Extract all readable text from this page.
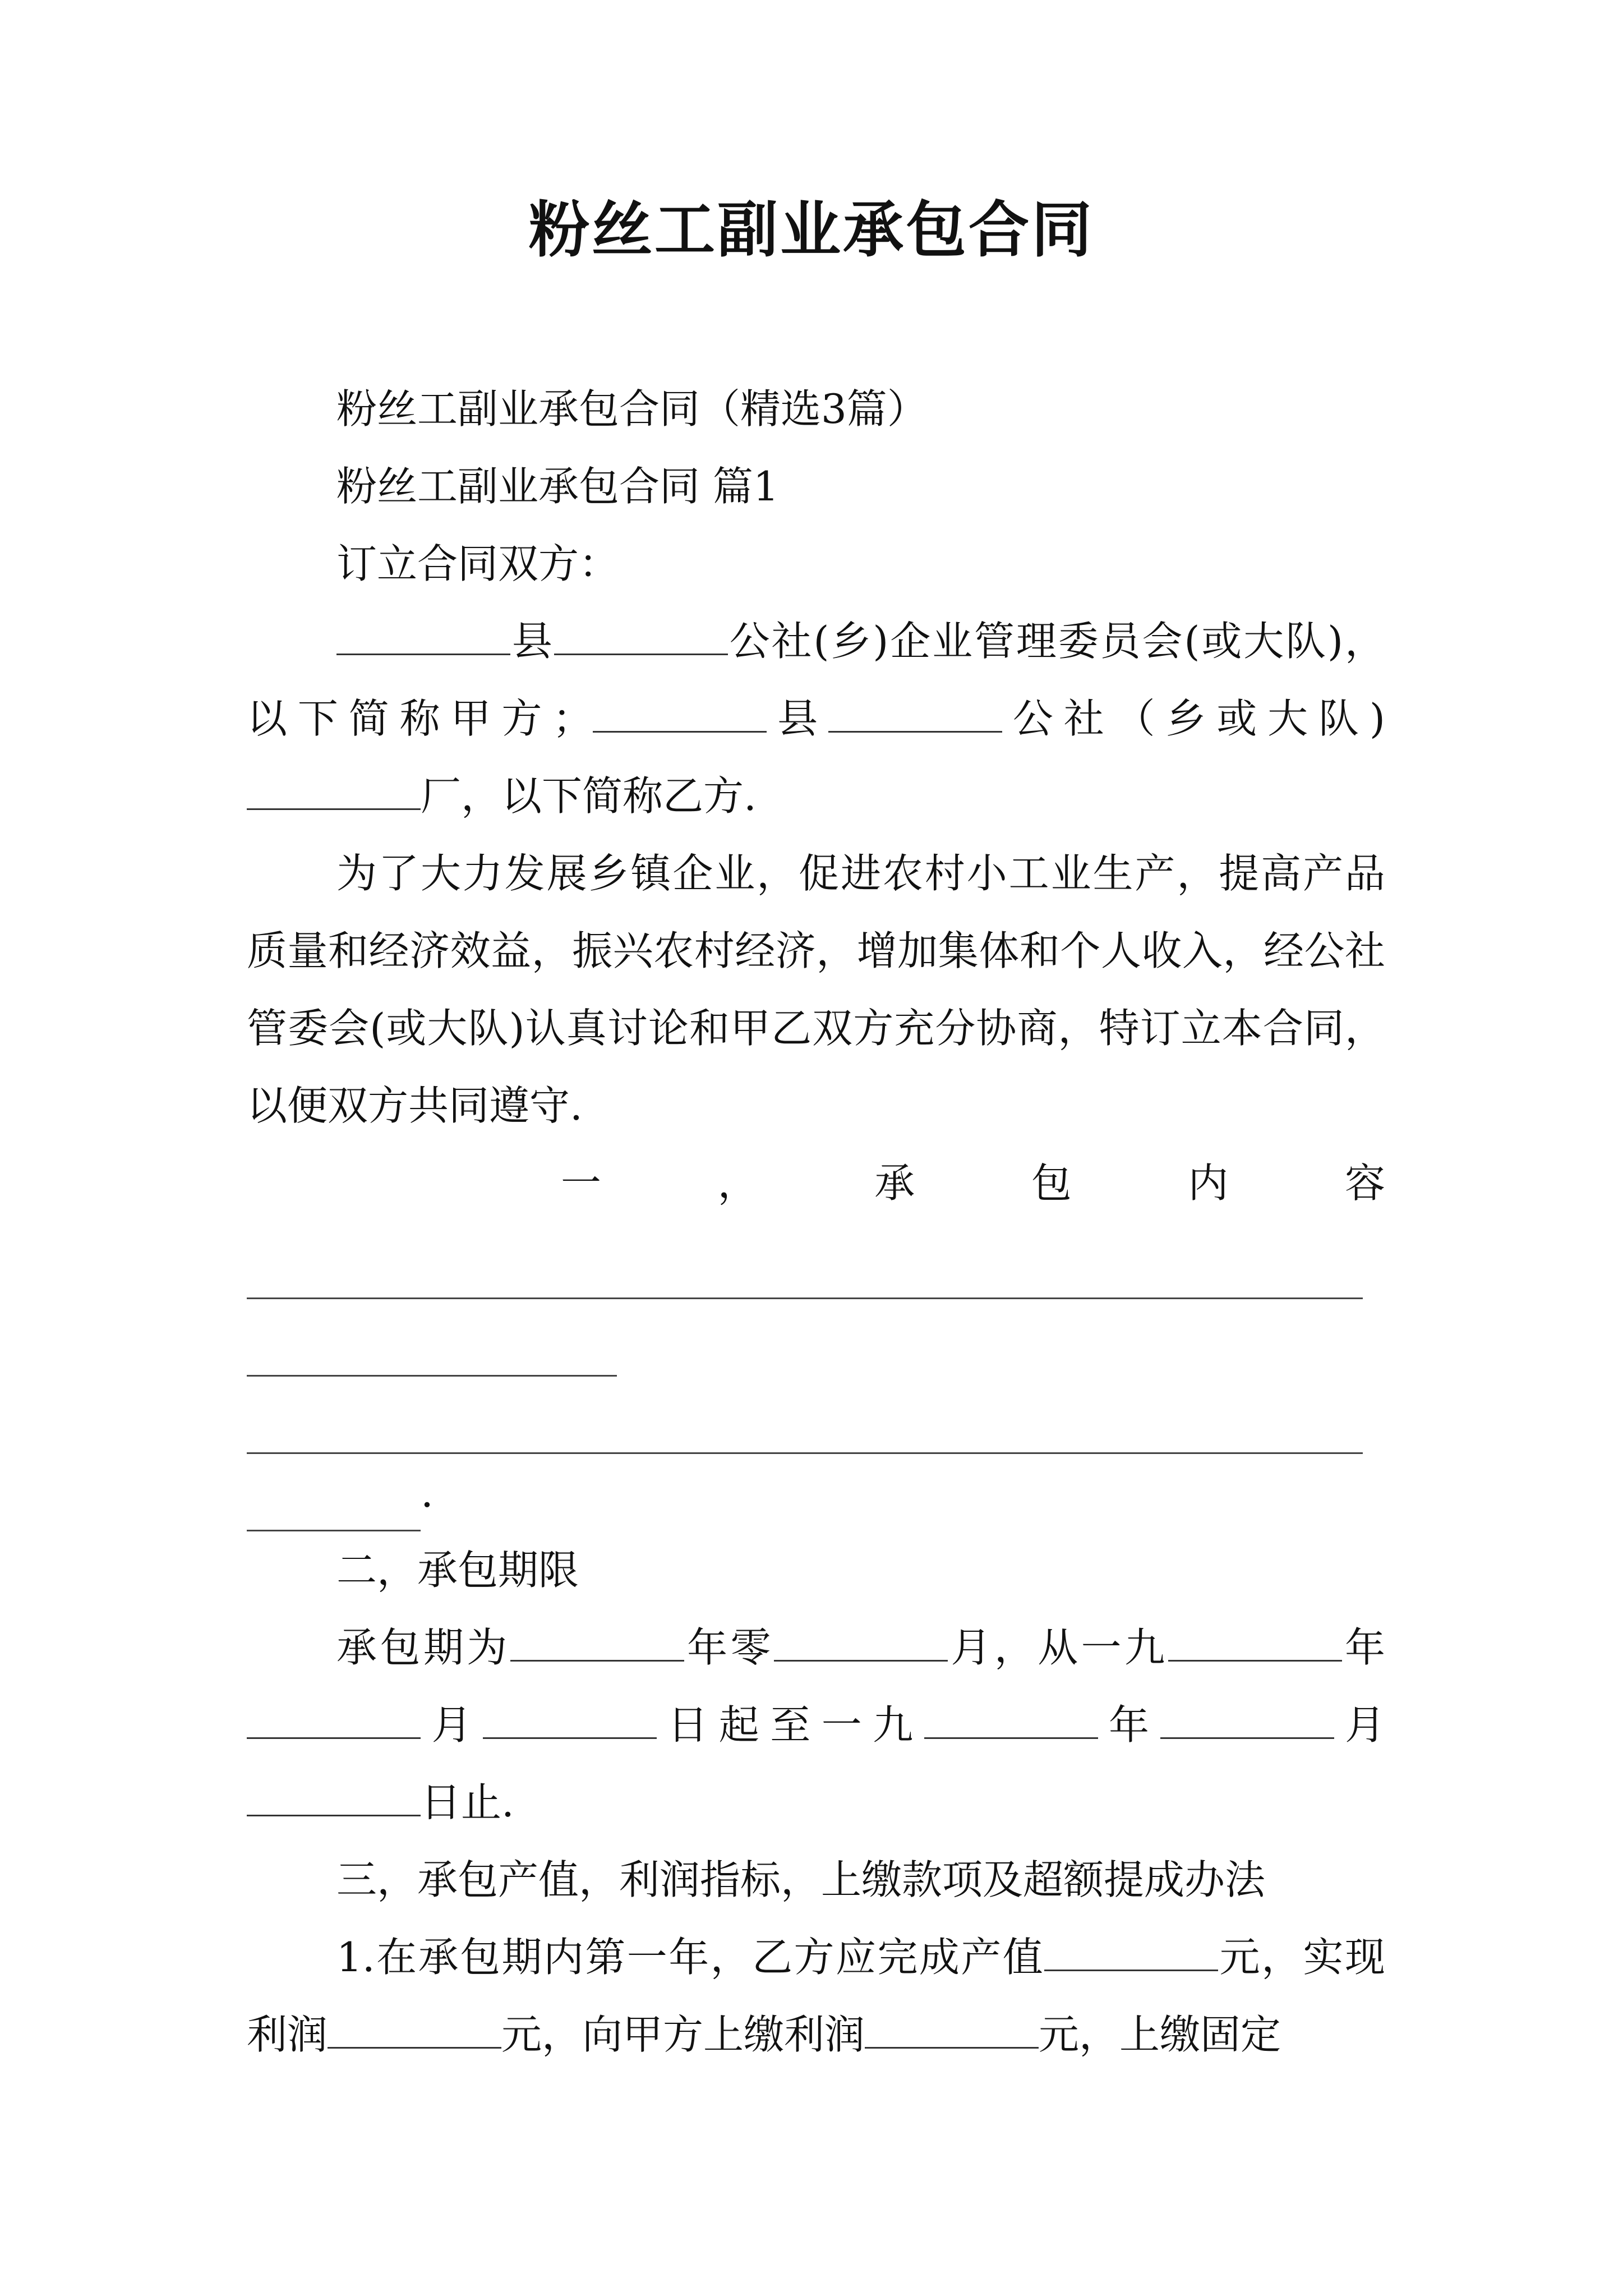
粉丝工副业承包合同

粉丝工副业承包合同（精选3篇）

粉丝工副业承包合同 篇1

订立合同双方：

县	公社(乡)企业管理委员会(或大队)，以下简称甲方；	县	公社（乡或大队)厂，以下简称乙方.

为了大力发展乡镇企业，促进农村小工业生产，提高产品质量和经济效益，振兴农村经济，增加集体和个人收入，经公社管委会(或大队)认真讨论和甲乙双方充分协商，特订立本合同，以便双方共同遵守.

一	，	承	包	内	容
.

二，承包期限

承包期为	年零	月，从一九	年月	日起至一九	年	月日止.

三，承包产值，利润指标，上缴款项及超额提成办法

1.在承包期内第一年，乙方应完成产值	元，实现利润	元，向甲方上缴利润	元，上缴固定
